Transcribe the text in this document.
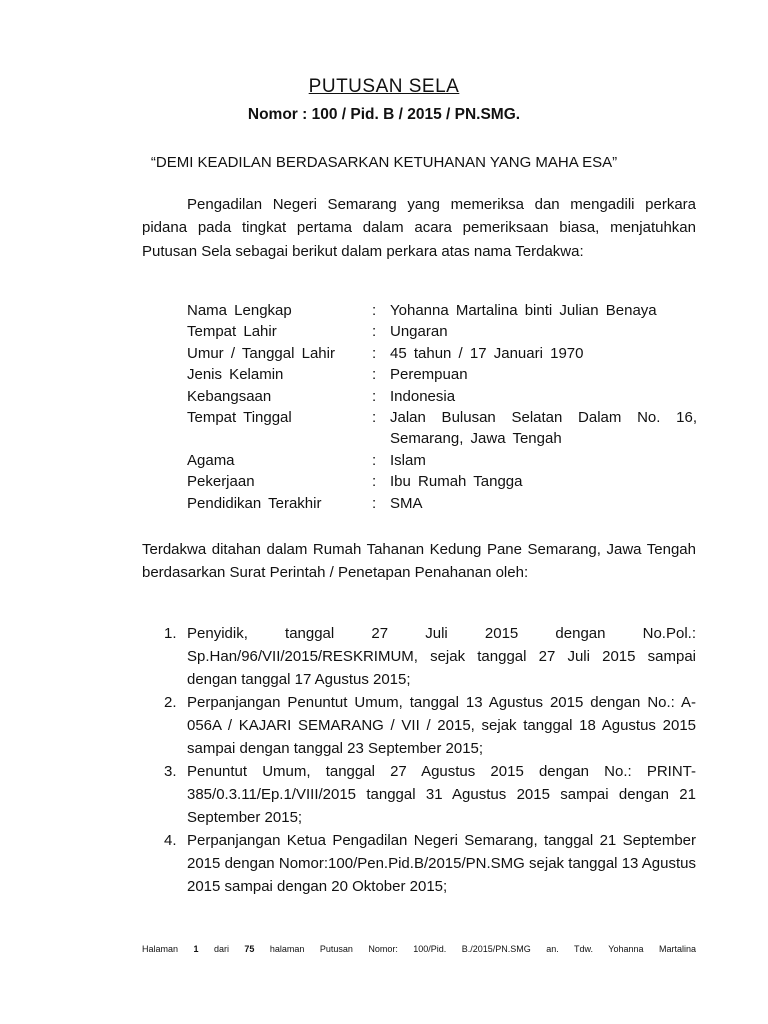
PUTUSAN SELA
Nomor : 100 / Pid. B / 2015 / PN.SMG.
“DEMI KEADILAN BERDASARKAN KETUHANAN YANG MAHA ESA”

Pengadilan Negeri Semarang yang memeriksa dan mengadili perkara pidana pada tingkat pertama dalam acara pemeriksaan biasa, menjatuhkan Putusan Sela sebagai berikut dalam perkara atas nama Terdakwa:

Nama Lengkap	:	Yohanna Martalina binti Julian Benaya
Tempat Lahir	:	Ungaran
Umur / Tanggal Lahir	:	45 tahun / 17 Januari 1970
Jenis Kelamin	:	Perempuan
Kebangsaan	:	Indonesia
Tempat Tinggal	:	Jalan Bulusan Selatan Dalam No. 16, Semarang, Jawa Tengah
Agama	:	Islam
Pekerjaan	:	Ibu Rumah Tangga
Pendidikan Terakhir	:	SMA

Terdakwa ditahan dalam Rumah Tahanan Kedung Pane Semarang, Jawa Tengah berdasarkan Surat Perintah / Penetapan Penahanan oleh:

1. Penyidik, tanggal 27 Juli 2015 dengan No.Pol.: Sp.Han/96/VII/2015/RESKRIMUM, sejak tanggal 27 Juli 2015 sampai dengan tanggal 17 Agustus 2015;
2. Perpanjangan Penuntut Umum, tanggal 13 Agustus 2015 dengan No.: A-056A / KAJARI SEMARANG / VII / 2015, sejak tanggal 18 Agustus 2015 sampai dengan tanggal 23 September 2015;
3. Penuntut Umum, tanggal 27 Agustus 2015 dengan No.: PRINT-385/0.3.11/Ep.1/VIII/2015 tanggal 31 Agustus 2015 sampai dengan 21 September 2015;
4. Perpanjangan Ketua Pengadilan Negeri Semarang, tanggal 21 September 2015 dengan Nomor:100/Pen.Pid.B/2015/PN.SMG sejak tanggal 13 Agustus 2015 sampai dengan 20 Oktober 2015;
Halaman 1 dari 75 halaman Putusan Nomor: 100/Pid. B./2015/PN.SMG an. Tdw. Yohanna Martalina
